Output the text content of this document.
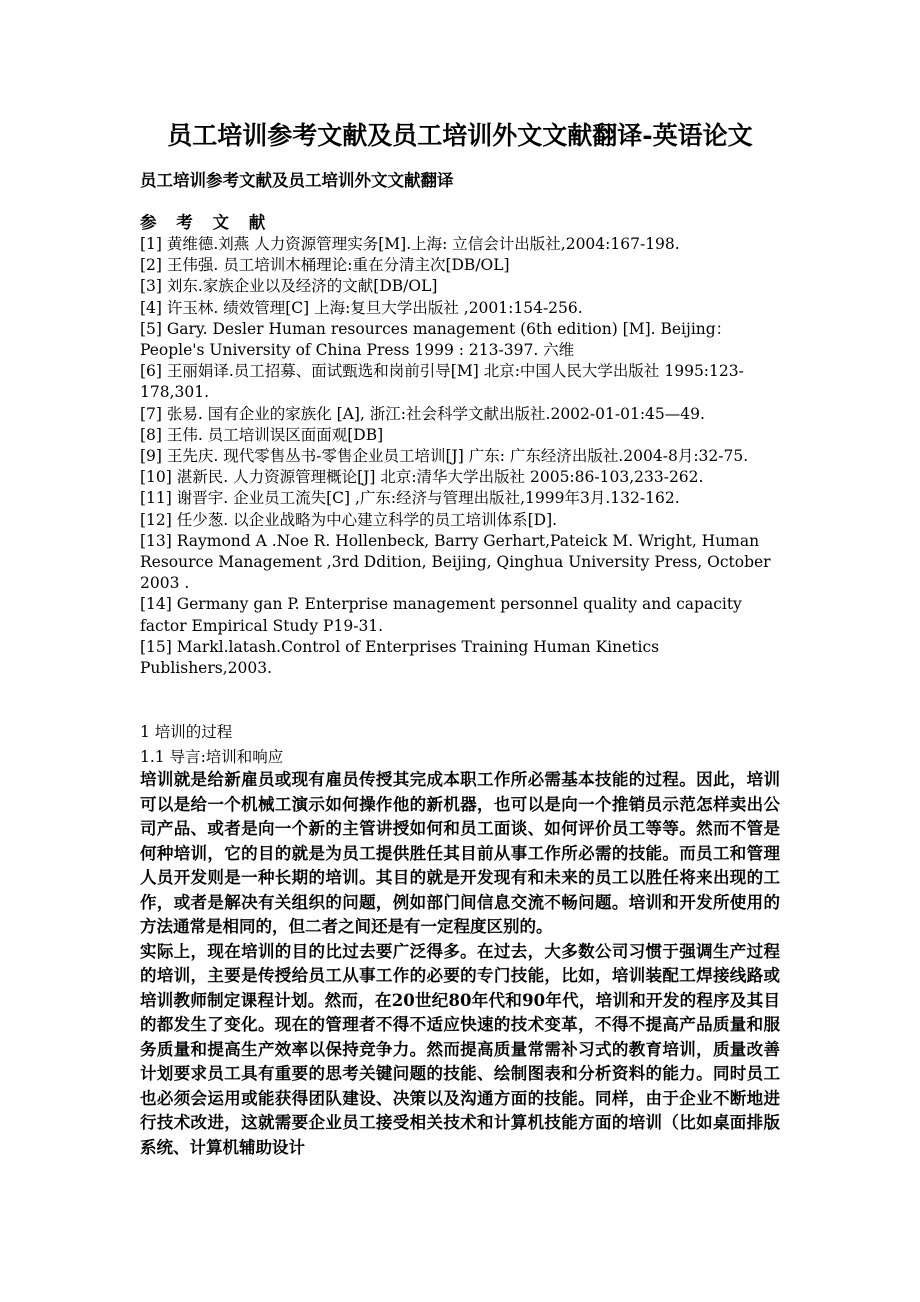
员工培训参考文献及员工培训外文文献翻译-英语论文
员工培训参考文献及员工培训外文文献翻译
参 考 文 献

[1] 黄维德.刘燕 人力资源管理实务[M].上海: 立信会计出版社,2004:167-198.

[2] 王伟强. 员工培训木桶理论:重在分清主次[DB/OL]

[3] 刘东.家族企业以及经济的文献[DB/OL]

[4] 许玉林. 绩效管理[C] 上海:复旦大学出版社 ,2001:154-256.

[5] Gary. Desler Human resources management (6th edition) [M]. Beijing：People's University of China Press 1999 : 213-397. 六维

[6] 王丽娟译.员工招募、面试甄选和岗前引导[M] 北京:中国人民大学出版社 1995:123-178,301.

[7] 张易. 国有企业的家族化 [A], 浙江:社会科学文献出版社.2002-01-01:45—49.

[8] 王伟. 员工培训误区面面观[DB]

[9] 王先庆. 现代零售丛书-零售企业员工培训[J] 广东: 广东经济出版社.2004-8月:32-75.

[10] 湛新民. 人力资源管理概论[J] 北京:清华大学出版社 2005:86-103,233-262.

[11] 谢晋宇. 企业员工流失[C] ,广东:经济与管理出版社,1999年3月.132-162.

[12] 任少葱. 以企业战略为中心建立科学的员工培训体系[D].

[13] Raymond A .Noe R. Hollenbeck, Barry Gerhart,Pateick M. Wright, Human Resource Management ,3rd Ddition, Beijing, Qinghua University Press, October 2003 .

[14] Germany gan P. Enterprise management personnel quality and capacity factor Empirical Study P19-31.

[15] Markl.latash.Control of Enterprises Training Human Kinetics Publishers,2003.

1 培训的过程
1.1 导言:培训和响应

培训就是给新雇员或现有雇员传授其完成本职工作所必需基本技能的过程。因此，培训可以是给一个机械工演示如何操作他的新机器，也可以是向一个推销员示范怎样卖出公司产品、或者是向一个新的主管讲授如何和员工面谈、如何评价员工等等。然而不管是何种培训，它的目的就是为员工提供胜任其目前从事工作所必需的技能。而员工和管理人员开发则是一种长期的培训。其目的就是开发现有和未来的员工以胜任将来出现的工作，或者是解决有关组织的问题，例如部门间信息交流不畅问题。培训和开发所使用的方法通常是相同的，但二者之间还是有一定程度区别的。

实际上，现在培训的目的比过去要广泛得多。在过去，大多数公司习惯于强调生产过程的培训，主要是传授给员工从事工作的必要的专门技能，比如，培训装配工焊接线路或培训教师制定课程计划。然而，在20世纪80年代和90年代，培训和开发的程序及其目的都发生了变化。现在的管理者不得不适应快速的技术变革，不得不提高产品质量和服务质量和提高生产效率以保持竞争力。然而提高质量常需补习式的教育培训，质量改善计划要求员工具有重要的思考关键问题的技能、绘制图表和分析资料的能力。同时员工也必须会运用或能获得团队建设、决策以及沟通方面的技能。同样，由于企业不断地进行技术改进，这就需要企业员工接受相关技术和计算机技能方面的培训（比如桌面排版系统、计算机辅助设计
